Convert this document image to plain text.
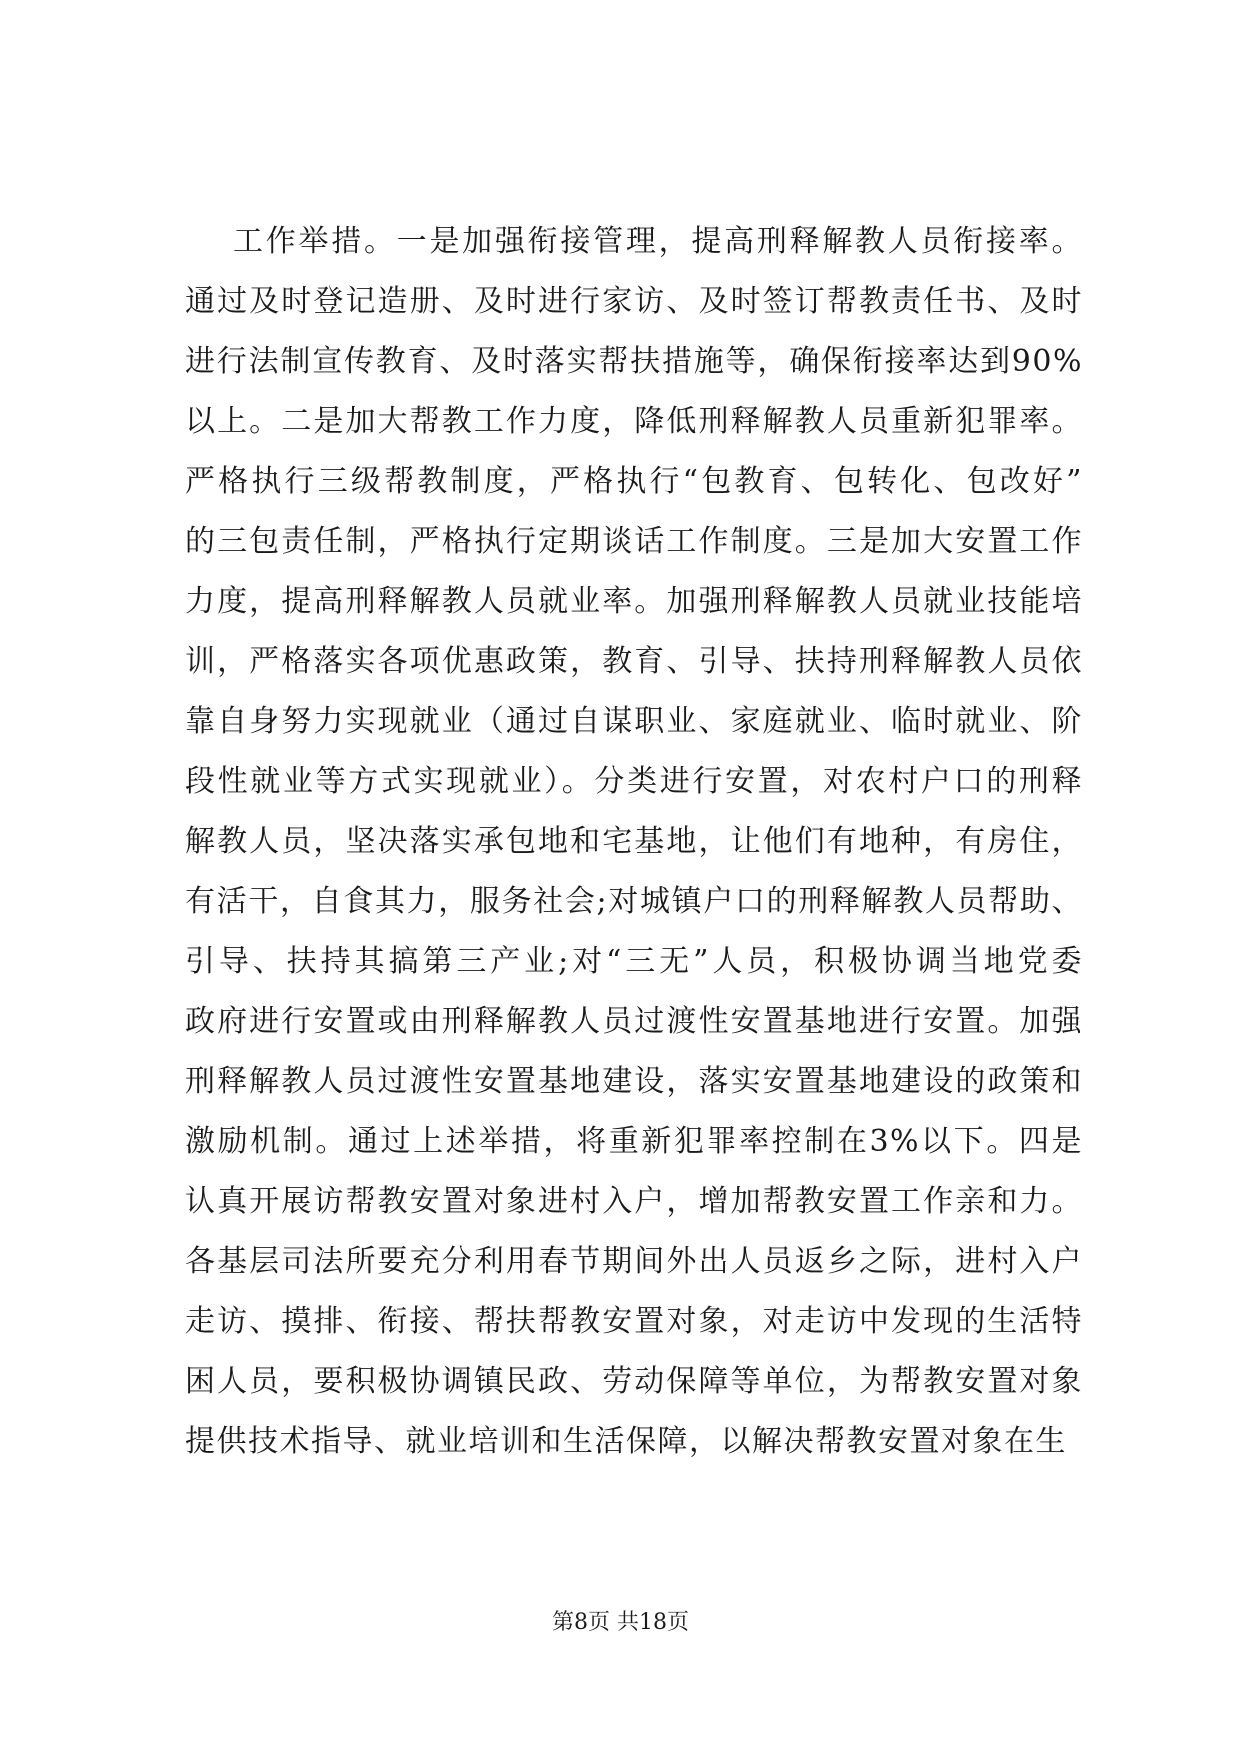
工作举措。一是加强衔接管理，提高刑释解教人员衔接率。
通过及时登记造册、及时进行家访、及时签订帮教责任书、及时
进行法制宣传教育、及时落实帮扶措施等，确保衔接率达到90%
以上。二是加大帮教工作力度，降低刑释解教人员重新犯罪率。
严格执行三级帮教制度，严格执行“包教育、包转化、包改好”
的三包责任制，严格执行定期谈话工作制度。三是加大安置工作
力度，提高刑释解教人员就业率。加强刑释解教人员就业技能培
训，严格落实各项优惠政策，教育、引导、扶持刑释解教人员依
靠自身努力实现就业（通过自谋职业、家庭就业、临时就业、阶
段性就业等方式实现就业）。分类进行安置，对农村户口的刑释
解教人员，坚决落实承包地和宅基地，让他们有地种，有房住，
有活干，自食其力，服务社会;对城镇户口的刑释解教人员帮助、
引导、扶持其搞第三产业;对“三无”人员，积极协调当地党委
政府进行安置或由刑释解教人员过渡性安置基地进行安置。加强
刑释解教人员过渡性安置基地建设，落实安置基地建设的政策和
激励机制。通过上述举措，将重新犯罪率控制在3%以下。四是
认真开展访帮教安置对象进村入户，增加帮教安置工作亲和力。
各基层司法所要充分利用春节期间外出人员返乡之际，进村入户
走访、摸排、衔接、帮扶帮教安置对象，对走访中发现的生活特
困人员，要积极协调镇民政、劳动保障等单位，为帮教安置对象
提供技术指导、就业培训和生活保障，以解决帮教安置对象在生
第8页 共18页
